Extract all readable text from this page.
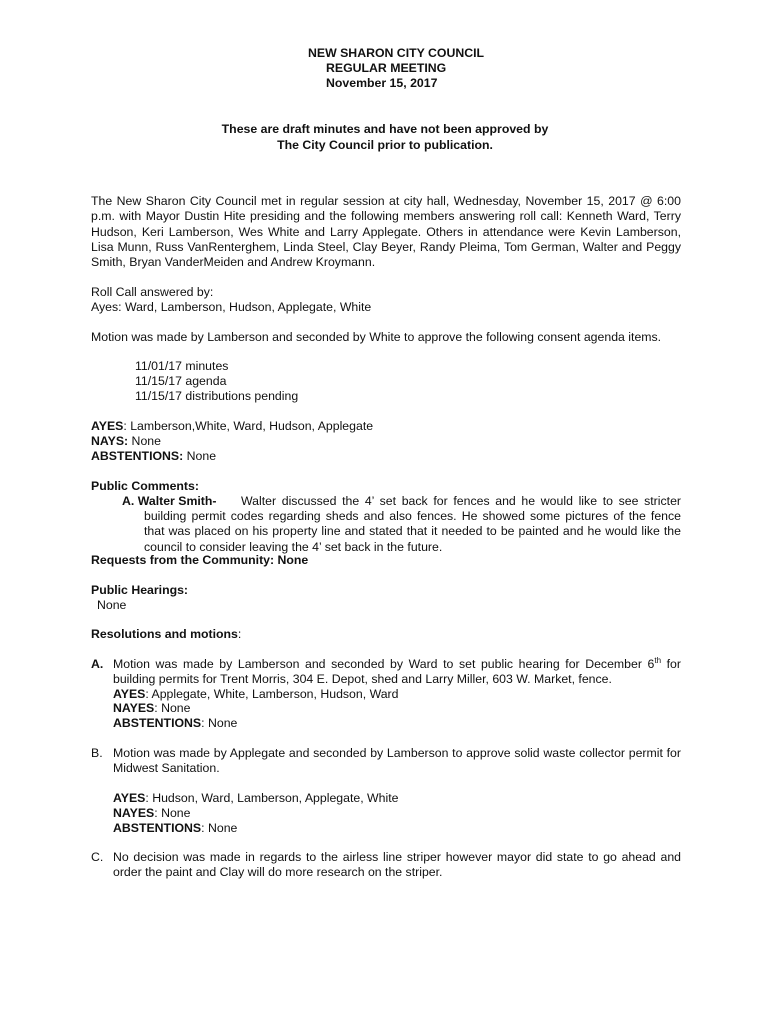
NEW SHARON CITY COUNCIL
REGULAR MEETING
November 15, 2017
These are draft minutes and have not been approved by
The City Council prior to publication.
The New Sharon City Council met in regular session at city hall, Wednesday, November 15, 2017 @ 6:00 p.m. with Mayor Dustin Hite presiding and the following members answering roll call: Kenneth Ward, Terry Hudson, Keri Lamberson, Wes White and Larry Applegate. Others in attendance were Kevin Lamberson, Lisa Munn, Russ VanRenterghem, Linda Steel, Clay Beyer, Randy Pleima, Tom German, Walter and Peggy Smith, Bryan VanderMeiden and Andrew Kroymann.
Roll Call answered by:
Ayes: Ward, Lamberson, Hudson, Applegate, White
Motion was made by Lamberson and seconded by White to approve the following consent agenda items.
11/01/17 minutes
11/15/17 agenda
11/15/17 distributions pending
AYES: Lamberson,White, Ward, Hudson, Applegate
NAYS: None
ABSTENTIONS: None
Public Comments:
A. Walter Smith-	Walter discussed the 4’ set back for fences and he would like to see stricter building permit codes regarding sheds and also fences. He showed some pictures of the fence that was placed on his property line and stated that it needed to be painted and he would like the council to consider leaving the 4’ set back in the future.
Requests from the Community: None
Public Hearings:
None
Resolutions and motions:
A. Motion was made by Lamberson and seconded by Ward to set public hearing for December 6th for building permits for Trent Morris, 304 E. Depot, shed and Larry Miller, 603 W. Market, fence.
AYES: Applegate, White, Lamberson, Hudson, Ward
NAYES: None
ABSTENTIONS: None
B. Motion was made by Applegate and seconded by Lamberson to approve solid waste collector permit for Midwest Sanitation.
AYES: Hudson, Ward, Lamberson, Applegate, White
NAYES: None
ABSTENTIONS: None
C. No decision was made in regards to the airless line striper however mayor did state to go ahead and order the paint and Clay will do more research on the striper.
